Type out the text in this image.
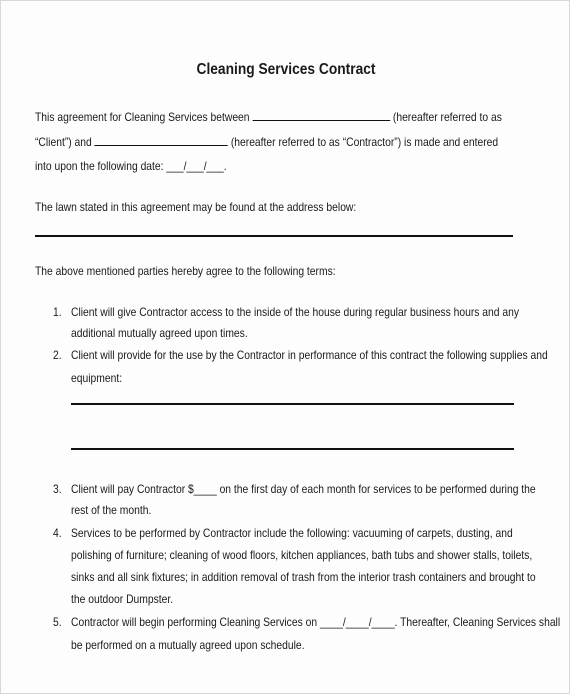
Cleaning Services Contract
This agreement for Cleaning Services between	(hereafter referred to as
“Client”) and	(hereafter referred to as “Contractor”) is made and entered
into upon the following date: ___/___/___.
The lawn stated in this agreement may be found at the address below:
The above mentioned parties hereby agree to the following terms:
1. Client will give Contractor access to the inside of the house during regular business hours and any
additional mutually agreed upon times.
2. Client will provide for the use by the Contractor in performance of this contract the following supplies and
equipment:
3. Client will pay Contractor $____ on the first day of each month for services to be performed during the
rest of the month.
4. Services to be performed by Contractor include the following: vacuuming of carpets, dusting, and
polishing of furniture; cleaning of wood floors, kitchen appliances, bath tubs and shower stalls, toilets,
sinks and all sink fixtures; in addition removal of trash from the interior trash containers and brought to
the outdoor Dumpster.
5. Contractor will begin performing Cleaning Services on ____/____/____. Thereafter, Cleaning Services shall
be performed on a mutually agreed upon schedule.
